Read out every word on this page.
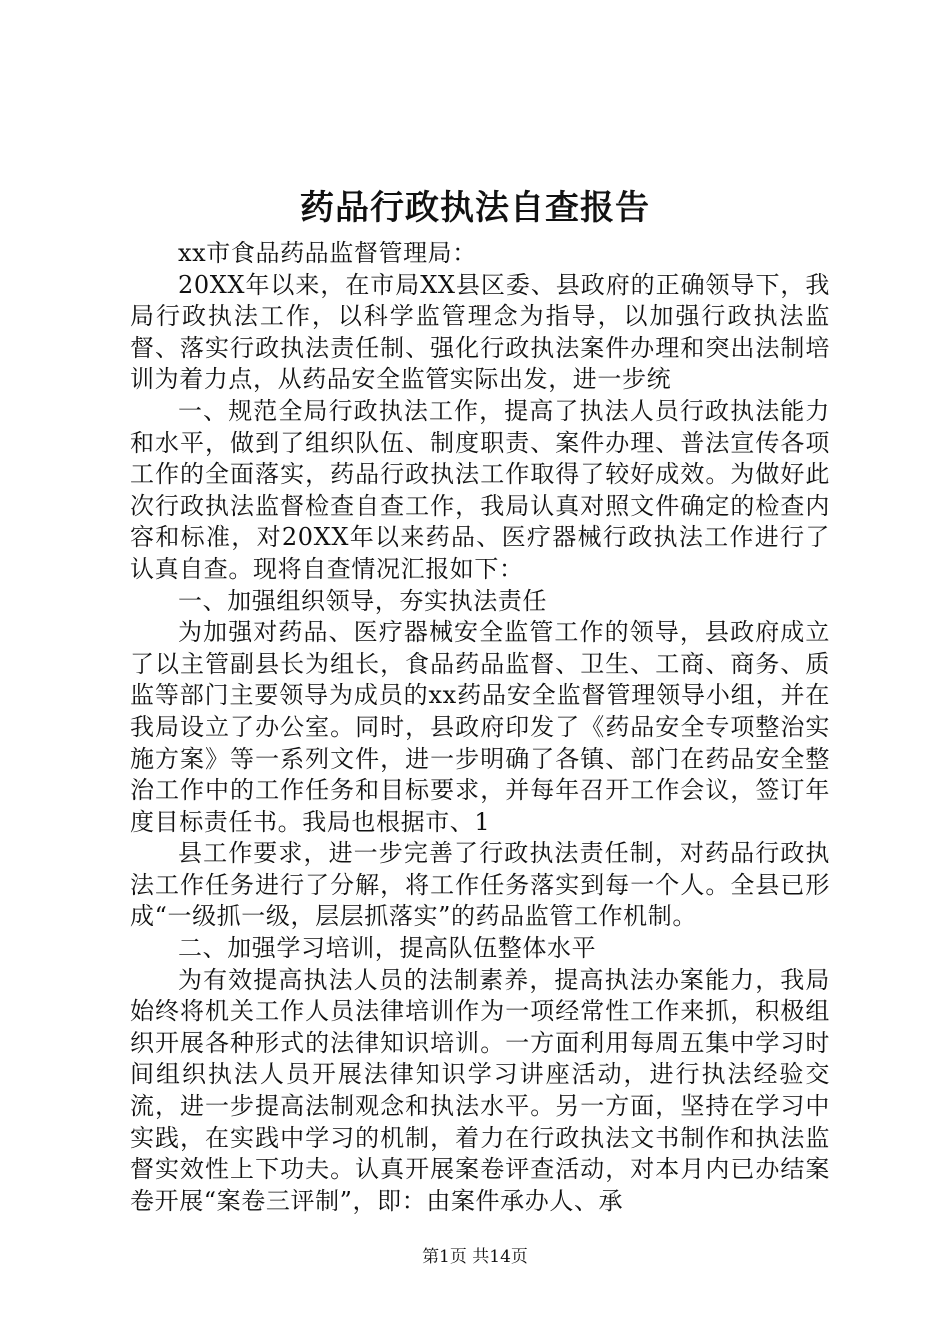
药品行政执法自查报告

xx市食品药品监督管理局：

20XX年以来，在市局XX县区委、县政府的正确领导下，我局行政执法工作，以科学监管理念为指导，以加强行政执法监督、落实行政执法责任制、强化行政执法案件办理和突出法制培训为着力点，从药品安全监管实际出发，进一步统

一、规范全局行政执法工作，提高了执法人员行政执法能力和水平，做到了组织队伍、制度职责、案件办理、普法宣传各项工作的全面落实，药品行政执法工作取得了较好成效。为做好此次行政执法监督检查自查工作，我局认真对照文件确定的检查内容和标准，对20XX年以来药品、医疗器械行政执法工作进行了认真自查。现将自查情况汇报如下：

一、加强组织领导，夯实执法责任

为加强对药品、医疗器械安全监管工作的领导，县政府成立了以主管副县长为组长，食品药品监督、卫生、工商、商务、质监等部门主要领导为成员的xx药品安全监督管理领导小组，并在我局设立了办公室。同时，县政府印发了《药品安全专项整治实施方案》等一系列文件，进一步明确了各镇、部门在药品安全整治工作中的工作任务和目标要求，并每年召开工作会议，签订年度目标责任书。我局也根据市、1

县工作要求，进一步完善了行政执法责任制，对药品行政执法工作任务进行了分解，将工作任务落实到每一个人。全县已形成“一级抓一级，层层抓落实”的药品监管工作机制。

二、加强学习培训，提高队伍整体水平

为有效提高执法人员的法制素养，提高执法办案能力，我局始终将机关工作人员法律培训作为一项经常性工作来抓，积极组织开展各种形式的法律知识培训。一方面利用每周五集中学习时间组织执法人员开展法律知识学习讲座活动，进行执法经验交流，进一步提高法制观念和执法水平。另一方面，坚持在学习中实践，在实践中学习的机制，着力在行政执法文书制作和执法监督实效性上下功夫。认真开展案卷评查活动，对本月内已办结案卷开展“案卷三评制”，即：由案件承办人、承

第1页 共14页
